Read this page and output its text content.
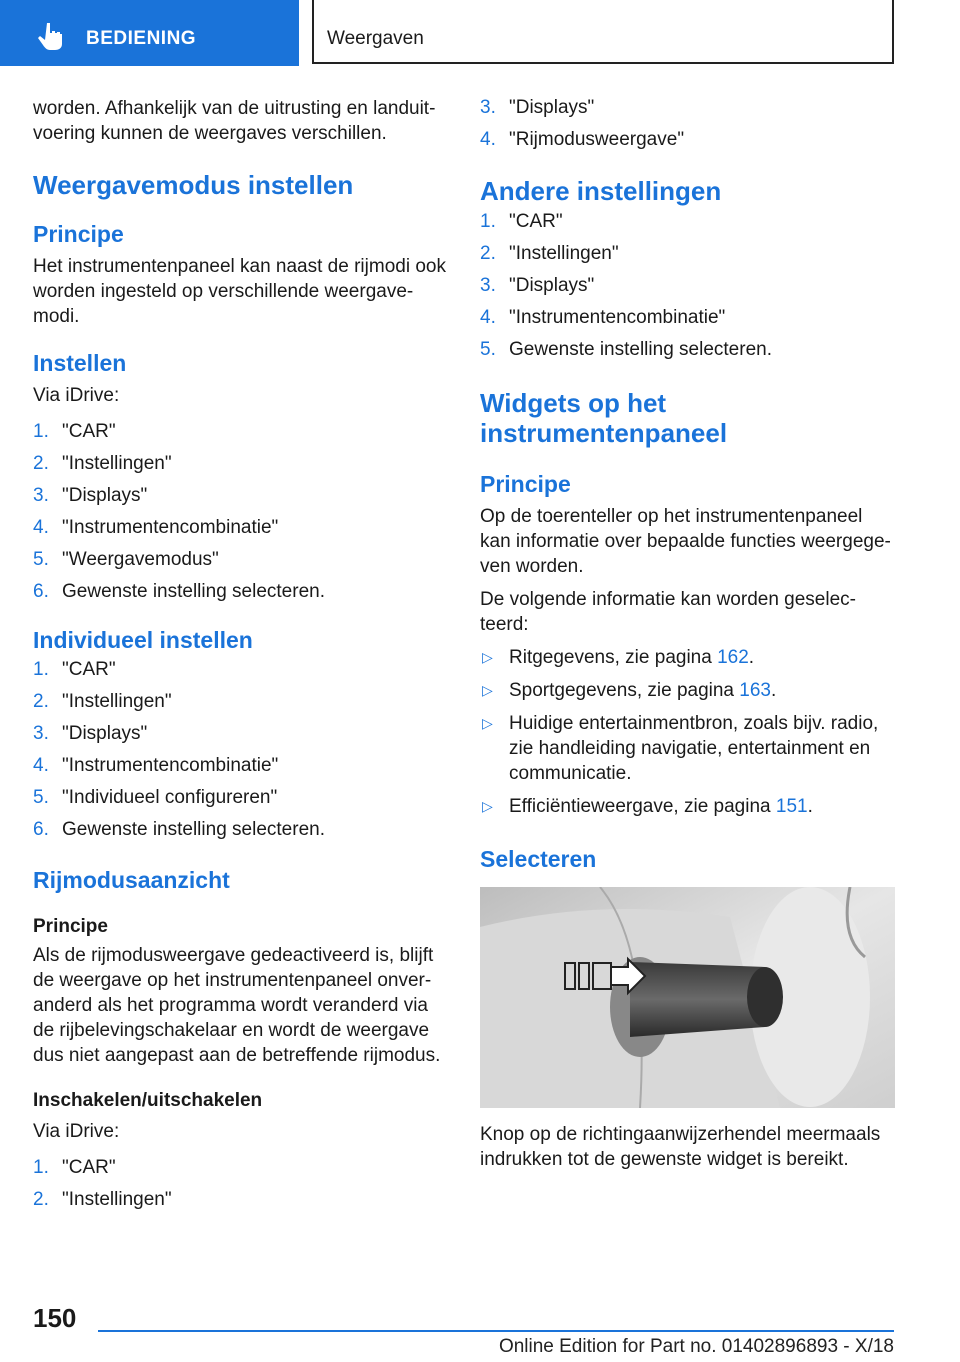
BEDIENING	Weergaven

worden. Afhankelijk van de uitrusting en landuitvoering kunnen de weergaves verschillen.

Weergavemodus instellen
Principe

Het instrumentenpaneel kan naast de rijmodi ook worden ingesteld op verschillende weergavemodi.

Instellen

Via iDrive:

1. "CAR"
2. "Instellingen"
3. "Displays"
4. "Instrumentencombinatie"
5. "Weergavemodus"
6. Gewenste instelling selecteren.
Individueel instellen
1. "CAR"
2. "Instellingen"
3. "Displays"
4. "Instrumentencombinatie"
5. "Individueel configureren"
6. Gewenste instelling selecteren.
Rijmodusaanzicht
Principe

Als de rijmodusweergave gedeactiveerd is, blijft de weergave op het instrumentenpaneel onveranderd als het programma wordt veranderd via de rijbelevingschakelaar en wordt de weergave dus niet aangepast aan de betreffende rijmodus.

Inschakelen/uitschakelen

Via iDrive:

1. "CAR"
2. "Instellingen"
3. "Displays"
4. "Rijmodusweergave"
Andere instellingen
1. "CAR"
2. "Instellingen"
3. "Displays"
4. "Instrumentencombinatie"
5. Gewenste instelling selecteren.
Widgets op het instrumentenpaneel
Principe

Op de toerenteller op het instrumentenpaneel kan informatie over bepaalde functies weergegeven worden.

De volgende informatie kan worden geselecteerd:

▷ Ritgegevens, zie pagina 162.
▷ Sportgegevens, zie pagina 163.
▷ Huidige entertainmentbron, zoals bijv. radio, zie handleiding navigatie, entertainment en communicatie.
▷ Efficiëntieweergave, zie pagina 151.
Selecteren

Knop op de richtingaanwijzerhendel meermaals indrukken tot de gewenste widget is bereikt.

150
Online Edition for Part no. 01402896893 - X/18
